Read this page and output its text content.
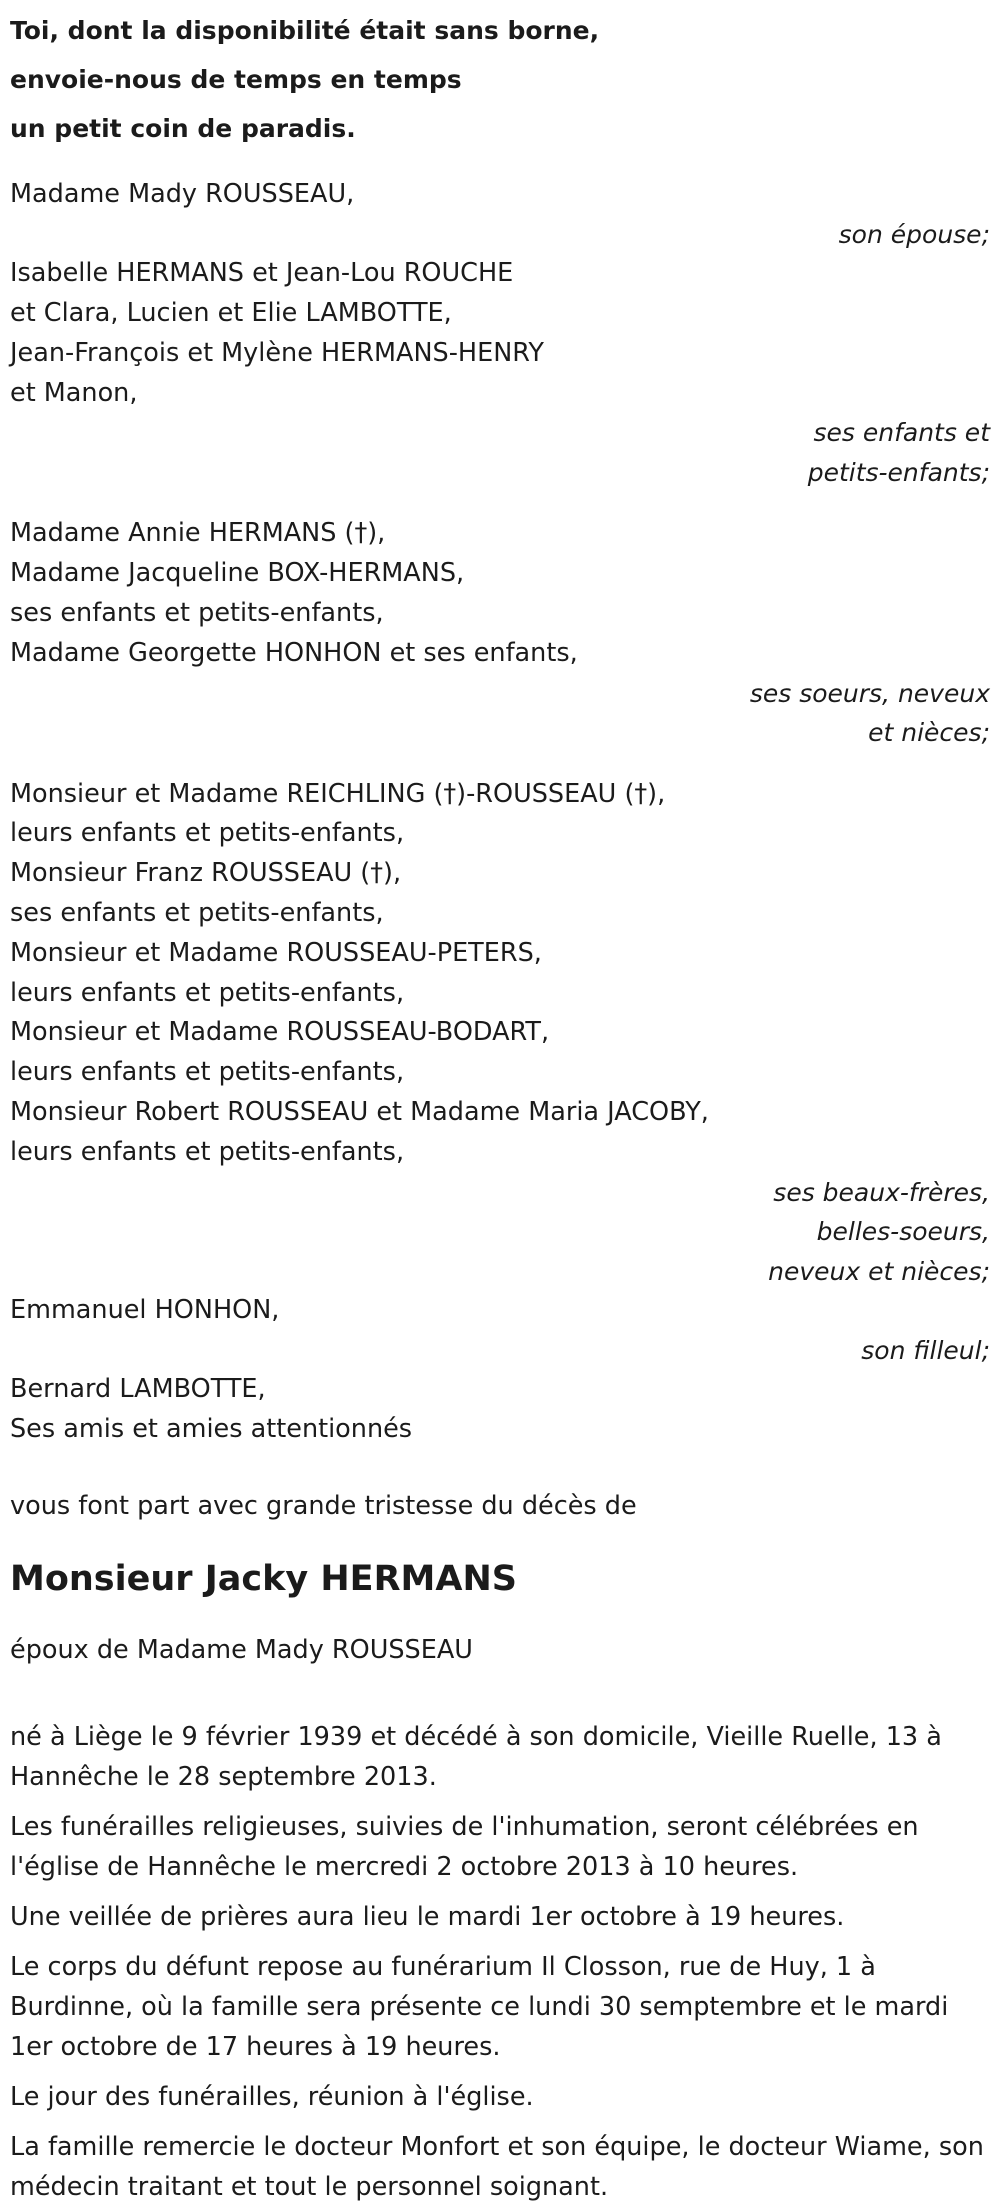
Toi, dont la disponibilité était sans borne,
envoie-nous de temps en temps
un petit coin de paradis.
Madame Mady ROUSSEAU,
son épouse;
Isabelle HERMANS et Jean-Lou ROUCHE
et Clara, Lucien et Elie LAMBOTTE,
Jean-François et Mylène HERMANS-HENRY
et Manon,
ses enfants et
petits-enfants;
Madame Annie HERMANS (†),
Madame Jacqueline BOX-HERMANS,
ses enfants et petits-enfants,
Madame Georgette HONHON et ses enfants,
ses soeurs, neveux
et nièces;
Monsieur et Madame REICHLING (†)-ROUSSEAU (†),
leurs enfants et petits-enfants,
Monsieur Franz ROUSSEAU (†),
ses enfants et petits-enfants,
Monsieur et Madame ROUSSEAU-PETERS,
leurs enfants et petits-enfants,
Monsieur et Madame ROUSSEAU-BODART,
leurs enfants et petits-enfants,
Monsieur Robert ROUSSEAU et Madame Maria JACOBY,
leurs enfants et petits-enfants,
ses beaux-frères,
belles-soeurs,
neveux et nièces;
Emmanuel HONHON,
son filleul;
Bernard LAMBOTTE,
Ses amis et amies attentionnés
vous font part avec grande tristesse du décès de
Monsieur Jacky HERMANS
époux de Madame Mady ROUSSEAU
né à Liège le 9 février 1939 et décédé à son domicile, Vieille Ruelle, 13 à Hannêche le 28 septembre 2013.
Les funérailles religieuses, suivies de l'inhumation, seront célébrées en l'église de Hannêche le mercredi 2 octobre 2013 à 10 heures.
Une veillée de prières aura lieu le mardi 1er octobre à 19 heures.
Le corps du défunt repose au funérarium Il Closson, rue de Huy, 1 à Burdinne, où la famille sera présente ce lundi 30 semptembre et le mardi 1er octobre de 17 heures à 19 heures.
Le jour des funérailles, réunion à l'église.
La famille remercie le docteur Monfort et son équipe, le docteur Wiame, son médecin traitant et tout le personnel soignant.
